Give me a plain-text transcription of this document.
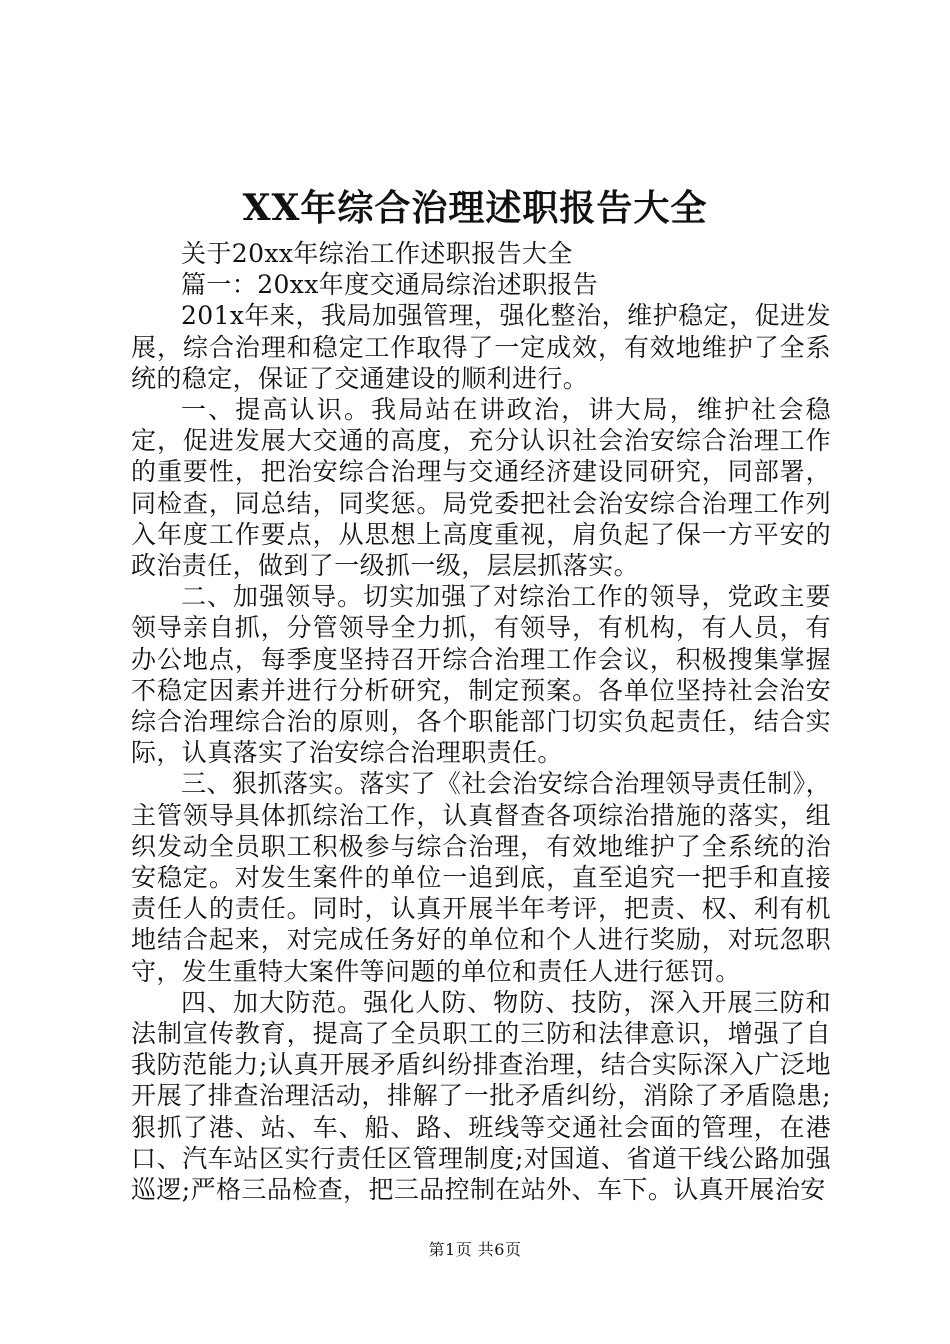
XX年综合治理述职报告大全

关于20xx年综治工作述职报告大全

篇一：20xx年度交通局综治述职报告

201x年来，我局加强管理，强化整治，维护稳定，促进发展，综合治理和稳定工作取得了一定成效，有效地维护了全系统的稳定，保证了交通建设的顺利进行。

一、提高认识。我局站在讲政治，讲大局，维护社会稳定，促进发展大交通的高度，充分认识社会治安综合治理工作的重要性，把治安综合治理与交通经济建设同研究，同部署，同检查，同总结，同奖惩。局党委把社会治安综合治理工作列入年度工作要点，从思想上高度重视，肩负起了保一方平安的政治责任，做到了一级抓一级，层层抓落实。

二、加强领导。切实加强了对综治工作的领导，党政主要领导亲自抓，分管领导全力抓，有领导，有机构，有人员，有办公地点，每季度坚持召开综合治理工作会议，积极搜集掌握不稳定因素并进行分析研究，制定预案。各单位坚持社会治安综合治理综合治的原则，各个职能部门切实负起责任，结合实际，认真落实了治安综合治理职责任。

三、狠抓落实。落实了《社会治安综合治理领导责任制》，主管领导具体抓综治工作，认真督查各项综治措施的落实，组织发动全员职工积极参与综合治理，有效地维护了全系统的治安稳定。对发生案件的单位一追到底，直至追究一把手和直接责任人的责任。同时，认真开展半年考评，把责、权、利有机地结合起来，对完成任务好的单位和个人进行奖励，对玩忽职守，发生重特大案件等问题的单位和责任人进行惩罚。

四、加大防范。强化人防、物防、技防，深入开展三防和法制宣传教育，提高了全员职工的三防和法律意识，增强了自我防范能力;认真开展矛盾纠纷排查治理，结合实际深入广泛地开展了排查治理活动，排解了一批矛盾纠纷，消除了矛盾隐患;狠抓了港、站、车、船、路、班线等交通社会面的管理，在港口、汽车站区实行责任区管理制度;对国道、省道干线公路加强巡逻;严格三品检查，把三品控制在站外、车下。认真开展治安

第1页 共6页
